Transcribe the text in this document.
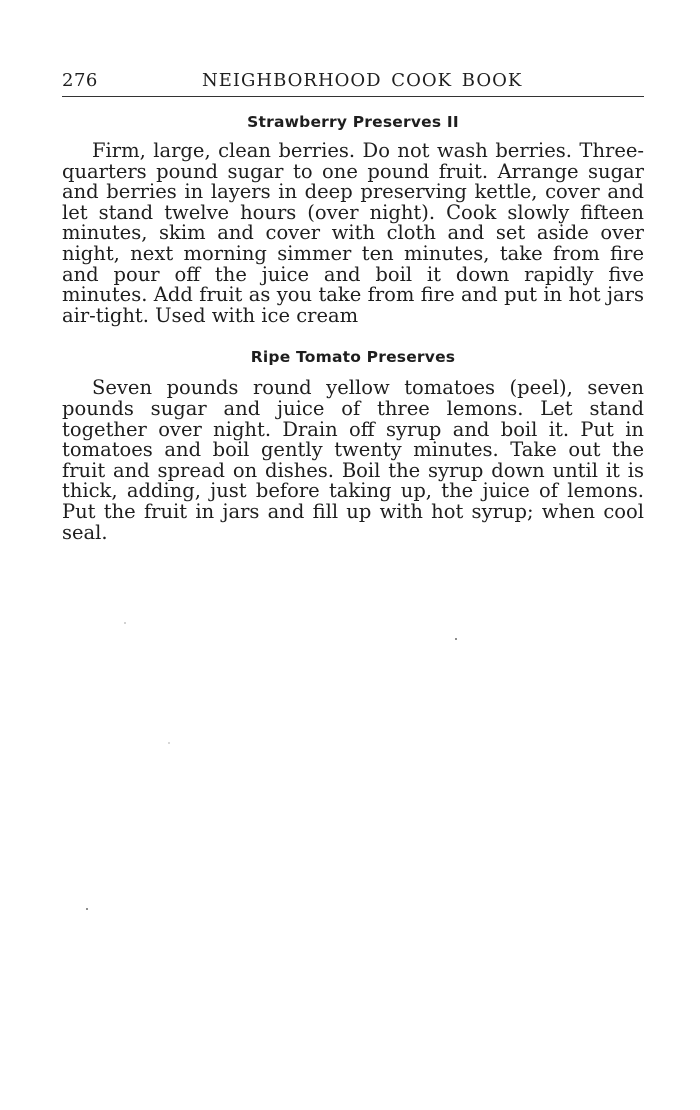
276	NEIGHBORHOOD COOK BOOK
Strawberry Preserves II

Firm, large, clean berries. Do not wash berries. Three-quarters pound sugar to one pound fruit. Arrange sugar and berries in layers in deep preserving kettle, cover and let stand twelve hours (over night). Cook slowly fifteen minutes, skim and cover with cloth and set aside over night, next morning simmer ten minutes, take from fire and pour off the juice and boil it down rapidly five minutes. Add fruit as you take from fire and put in hot jars air-tight. Used with ice cream

Ripe Tomato Preserves

Seven pounds round yellow tomatoes (peel), seven pounds sugar and juice of three lemons. Let stand together over night. Drain off syrup and boil it. Put in tomatoes and boil gently twenty minutes. Take out the fruit and spread on dishes. Boil the syrup down until it is thick, adding, just before taking up, the juice of lemons. Put the fruit in jars and fill up with hot syrup; when cool seal.
